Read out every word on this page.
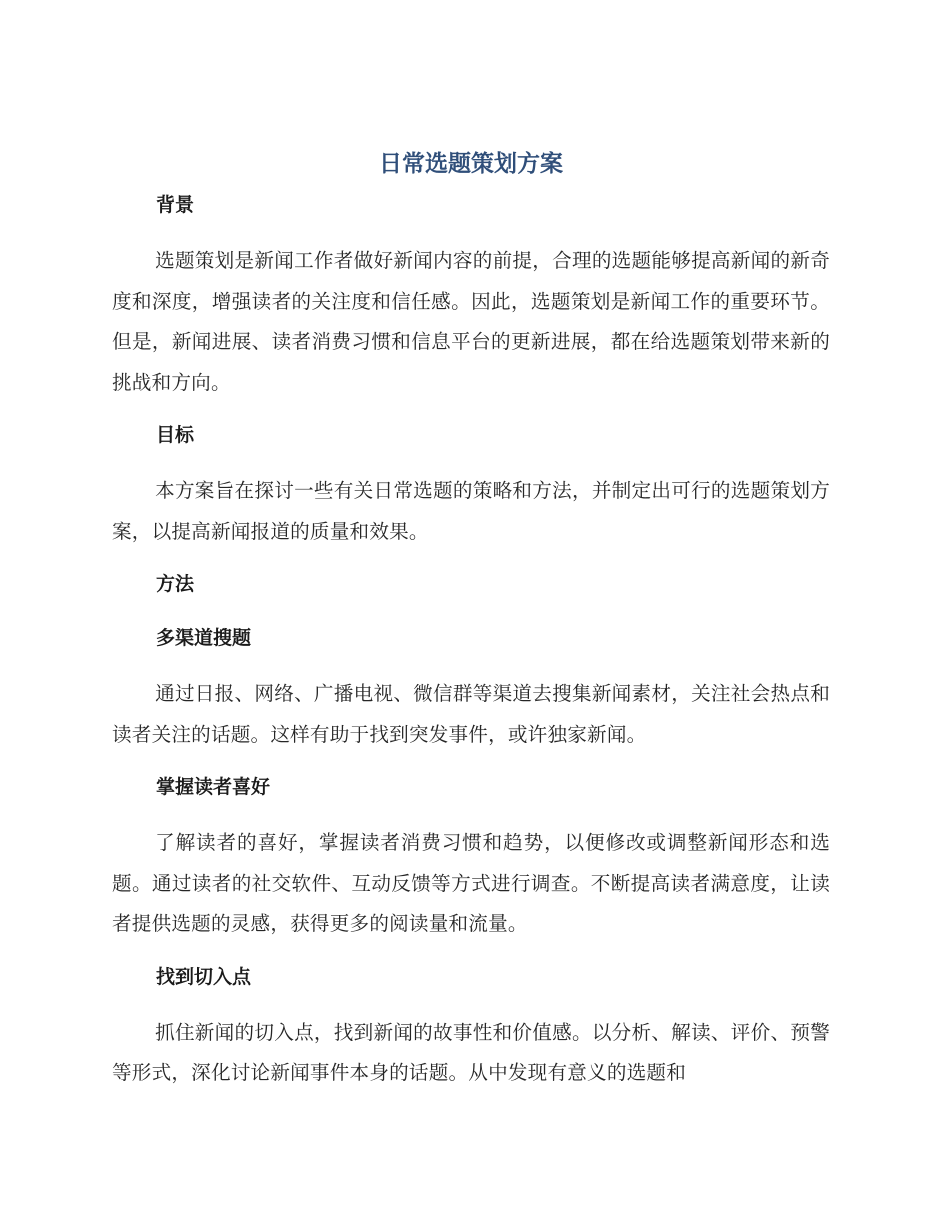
日常选题策划方案
背景

选题策划是新闻工作者做好新闻内容的前提，合理的选题能够提高新闻的新奇度和深度，增强读者的关注度和信任感。因此，选题策划是新闻工作的重要环节。但是，新闻进展、读者消费习惯和信息平台的更新进展，都在给选题策划带来新的挑战和方向。

目标

本方案旨在探讨一些有关日常选题的策略和方法，并制定出可行的选题策划方案，以提高新闻报道的质量和效果。

方法
多渠道搜题

通过日报、网络、广播电视、微信群等渠道去搜集新闻素材，关注社会热点和读者关注的话题。这样有助于找到突发事件，或许独家新闻。

掌握读者喜好

了解读者的喜好，掌握读者消费习惯和趋势，以便修改或调整新闻形态和选题。通过读者的社交软件、互动反馈等方式进行调查。不断提高读者满意度，让读者提供选题的灵感，获得更多的阅读量和流量。

找到切入点

抓住新闻的切入点，找到新闻的故事性和价值感。以分析、解读、评价、预警等形式，深化讨论新闻事件本身的话题。从中发现有意义的选题和
